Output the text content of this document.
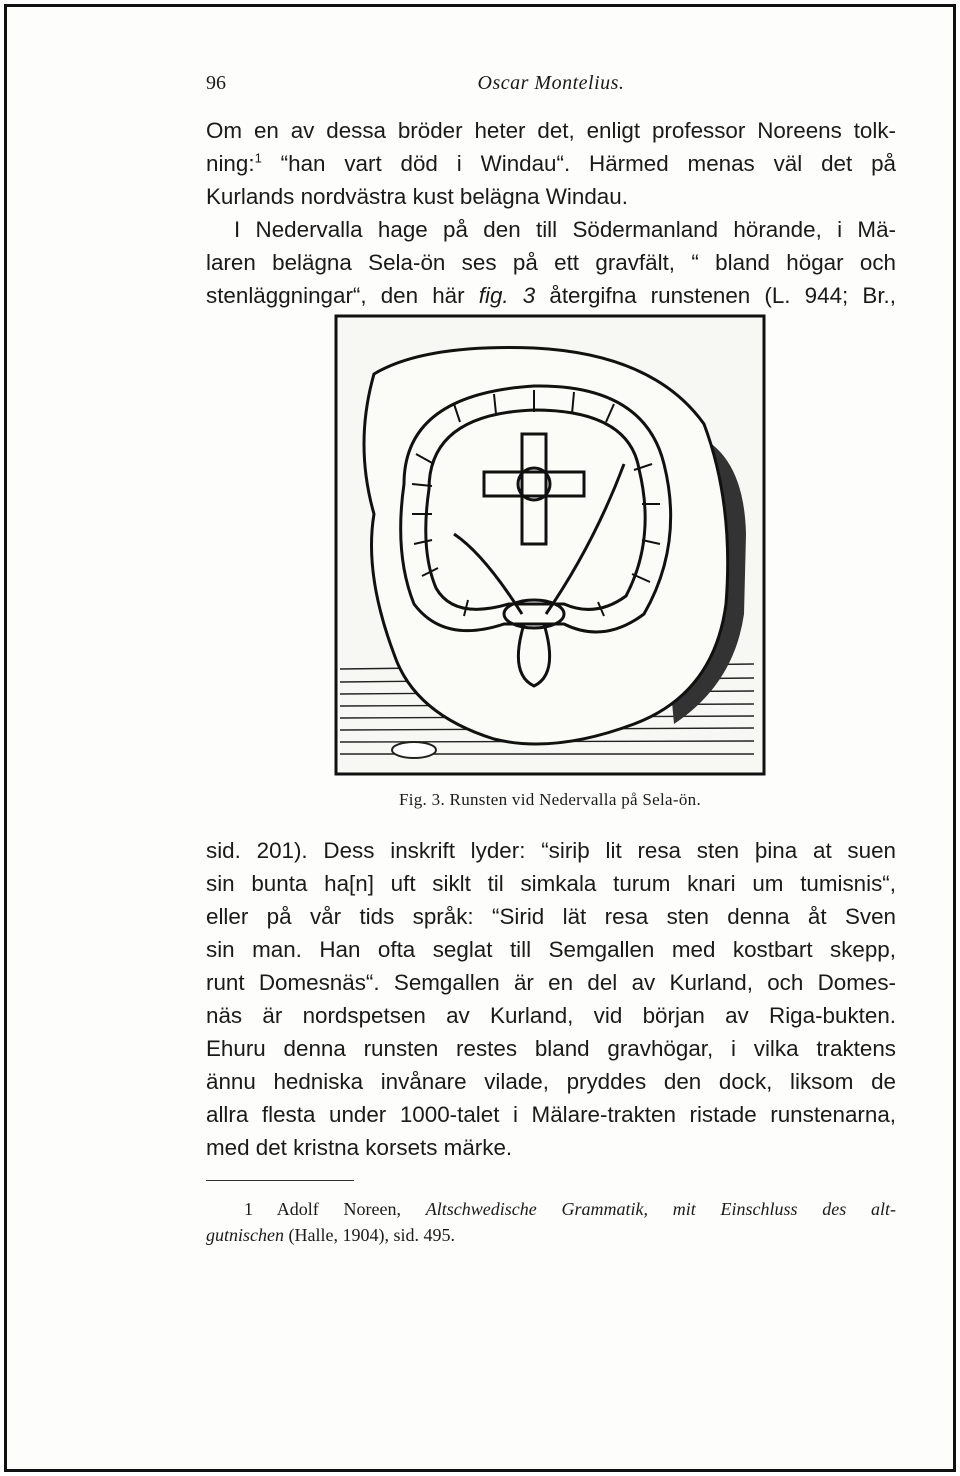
96	Oscar Montelius.

Om en av dessa bröder heter det, enligt professor Noreens tolk-
ning:$^1$ “han vart död i Windau“. Härmed menas väl det på
Kurlands nordvästra kust belägna Windau.
I Nedervalla hage på den till Södermanland hörande, i Mä-
laren belägna Sela-ön ses på ett gravfält, “ bland högar och
stenläggningar“, den här fig. 3 återgifna runstenen (L. 944; Br.,

Fig. 3. Runsten vid Nedervalla på Sela-ön.

sid. 201). Dess inskrift lyder: “siriþ lit resa sten þina at suen
sin bunta ha[n] uft siklt til simkala turum knari um tumisnis“,
eller på vår tids språk: “Sirid lät resa sten denna åt Sven
sin man. Han ofta seglat till Semgallen med kostbart skepp,
runt Domesnäs“. Semgallen är en del av Kurland, och Domes-
näs är nordspetsen av Kurland, vid början av Riga-bukten.
Ehuru denna runsten restes bland gravhögar, i vilka traktens
ännu hedniska invånare vilade, pryddes den dock, liksom de
allra flesta under 1000-talet i Mälare-trakten ristade runstenarna,
med det kristna korsets märke.

1 Adolf Noreen, Altschwedische Grammatik, mit Einschluss des alt-
gutnischen (Halle, 1904), sid. 495.
